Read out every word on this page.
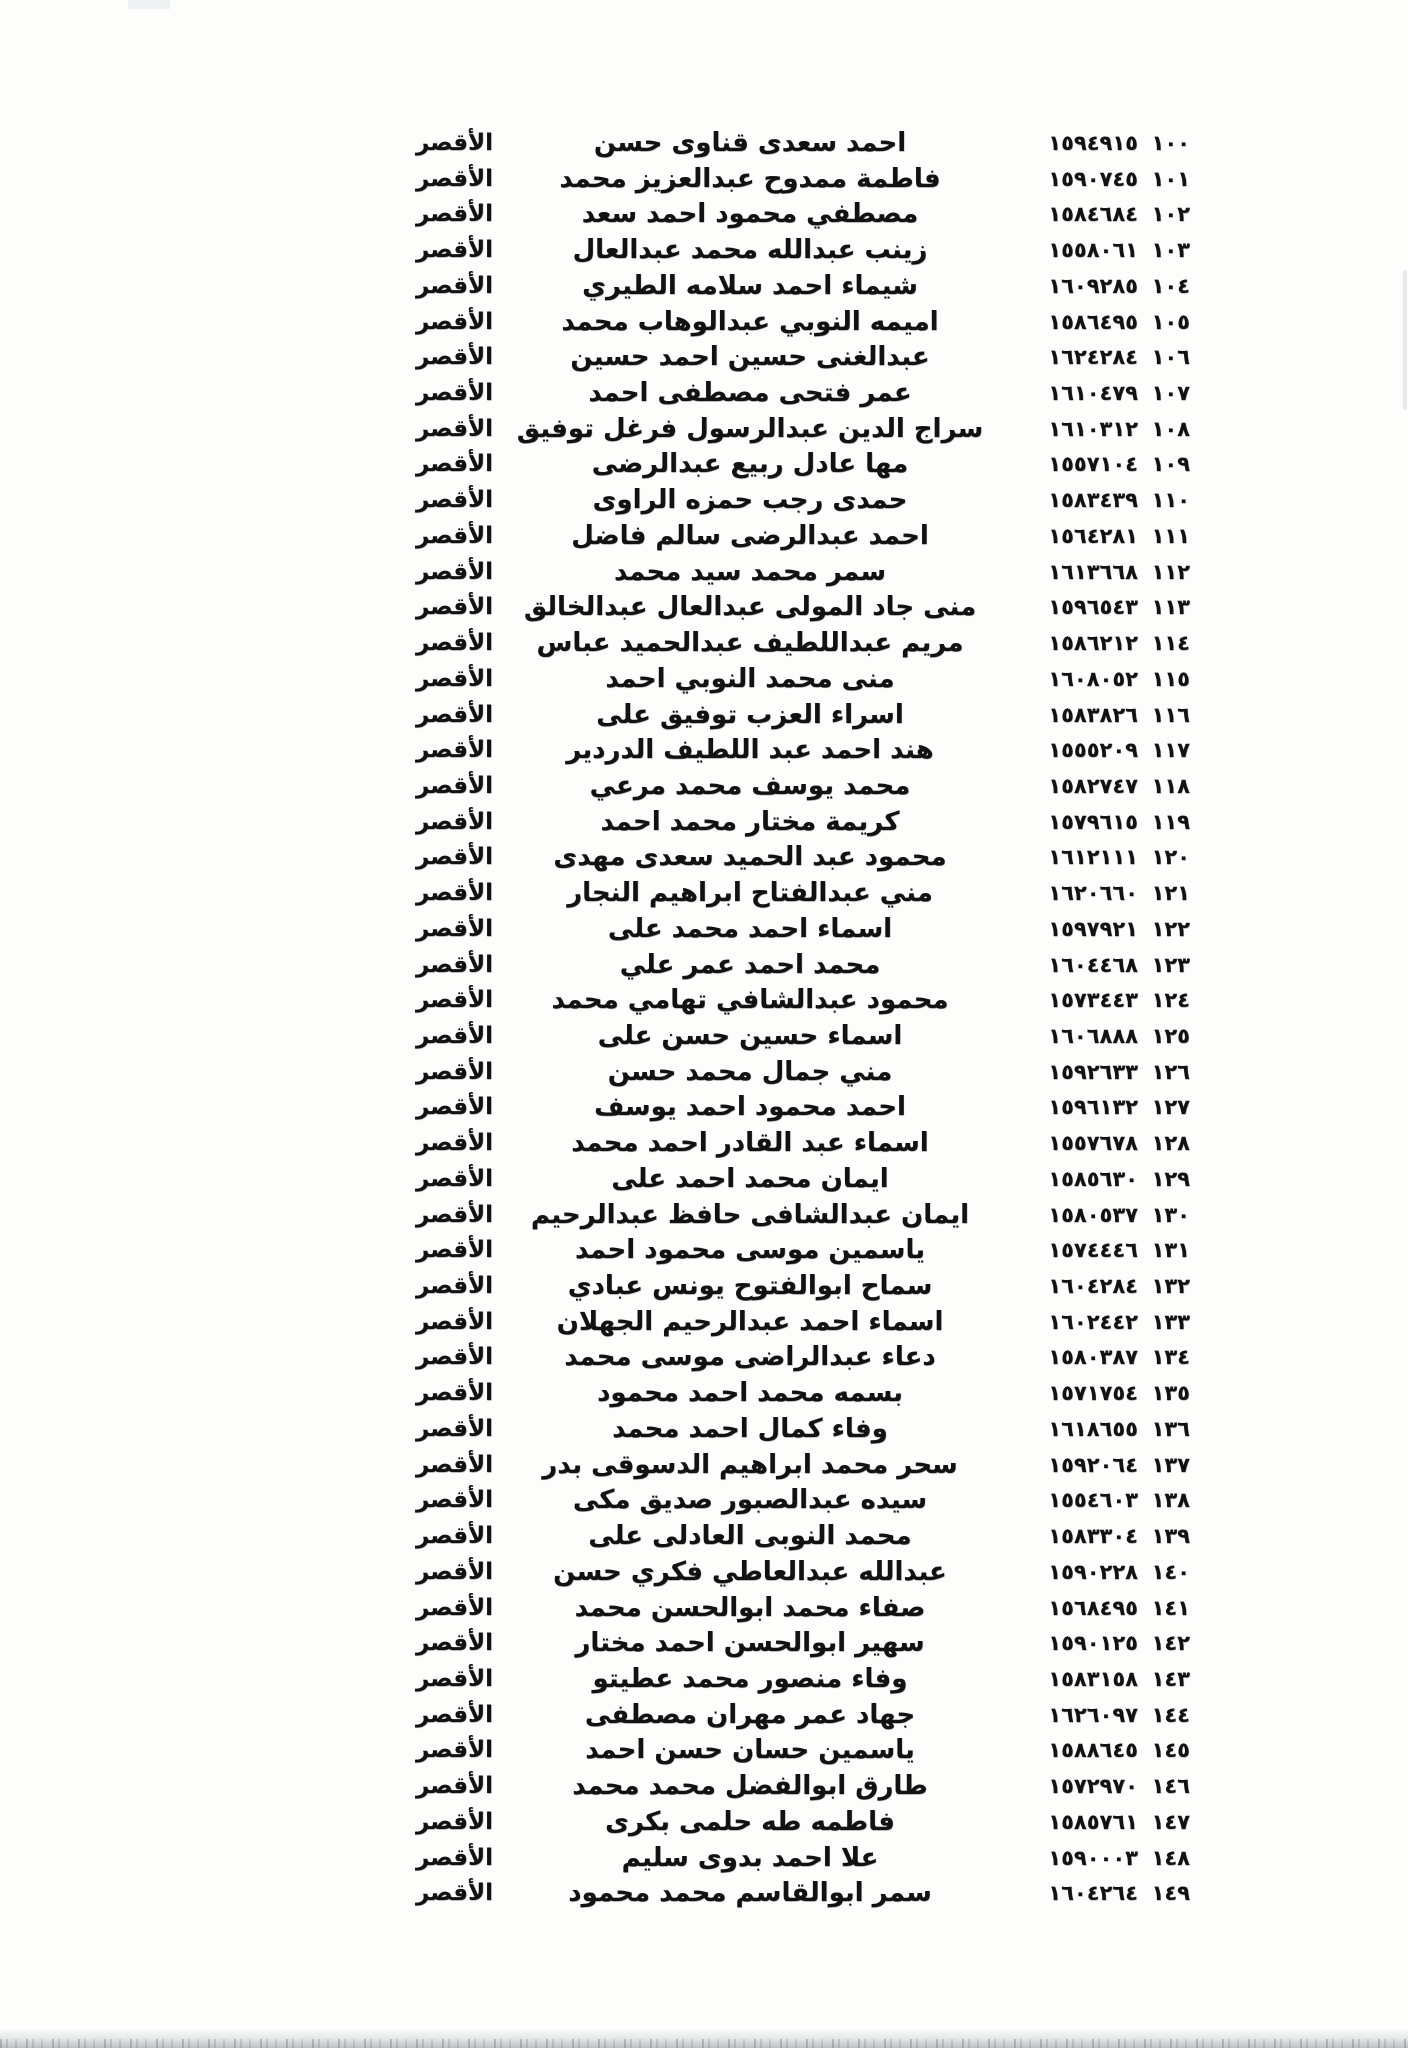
الأقصر	احمد سعدى قناوى حسن	١٥٩٤٩١٥ ١٠٠
الأقصر	فاطمة ممدوح عبدالعزيز محمد	١٥٩٠٧٤٥ ١٠١
الأقصر	مصطفي محمود احمد سعد	١٥٨٤٦٨٤ ١٠٢
الأقصر	زينب عبدالله محمد عبدالعال	١٥٥٨٠٦١ ١٠٣
الأقصر	شيماء احمد سلامه الطيري	١٦٠٩٢٨٥ ١٠٤
الأقصر	اميمه النوبي عبدالوهاب محمد	١٥٨٦٤٩٥ ١٠٥
الأقصر	عبدالغنى حسين احمد حسين	١٦٢٤٢٨٤ ١٠٦
الأقصر	عمر فتحى مصطفى احمد	١٦١٠٤٧٩ ١٠٧
الأقصر سراج الدين عبدالرسول فرغل توفيق	١٦١٠٣١٢ ١٠٨
الأقصر	مها عادل ربيع عبدالرضى	١٥٥٧١٠٤ ١٠٩
الأقصر	حمدى رجب حمزه الراوى	١٥٨٣٤٣٩ ١١٠
الأقصر	احمد عبدالرضى سالم فاضل	١٥٦٤٢٨١ ١١١
الأقصر	سمر محمد سيد محمد	١٦١٣٦٦٨ ١١٢
الأقصر	منى جاد المولى عبدالعال عبدالخالق	١٥٩٦٥٤٣ ١١٣
الأقصر	مريم عبداللطيف عبدالحميد عباس	١٥٨٦٢١٢ ١١٤
الأقصر	منى محمد النوبي احمد	١٦٠٨٠٥٢ ١١٥
الأقصر	اسراء العزب توفيق على	١٥٨٣٨٢٦ ١١٦
الأقصر	هند احمد عبد اللطيف الدردير	١٥٥٥٢٠٩ ١١٧
الأقصر	محمد يوسف محمد مرعي	١٥٨٢٧٤٧ ١١٨
الأقصر	كريمة مختار محمد احمد	١٥٧٩٦١٥ ١١٩
الأقصر	محمود عبد الحميد سعدى مهدى	١٦١٢١١١ ١٢٠
الأقصر	مني عبدالفتاح ابراهيم النجار	١٦٢٠٦٦٠ ١٢١
الأقصر	اسماء احمد محمد على	١٥٩٧٩٢١ ١٢٢
الأقصر	محمد احمد عمر علي	١٦٠٤٤٦٨ ١٢٣
الأقصر	محمود عبدالشافي تهامي محمد	١٥٧٣٤٤٣ ١٢٤
الأقصر	اسماء حسين حسن على	١٦٠٦٨٨٨ ١٢٥
الأقصر	مني جمال محمد حسن	١٥٩٢٦٣٣ ١٢٦
الأقصر	احمد محمود احمد يوسف	١٥٩٦١٣٢ ١٢٧
الأقصر	اسماء عبد القادر احمد محمد	١٥٥٧٦٧٨ ١٢٨
الأقصر	ايمان محمد احمد على	١٥٨٥٦٣٠ ١٢٩
الأقصر	ايمان عبدالشافى حافظ عبدالرحيم	١٥٨٠٥٣٧ ١٣٠
الأقصر	ياسمين موسى محمود احمد	١٥٧٤٤٤٦ ١٣١
الأقصر	سماح ابوالفتوح يونس عبادي	١٦٠٤٢٨٤ ١٣٢
الأقصر	اسماء احمد عبدالرحيم الجهلان	١٦٠٢٤٤٢ ١٣٣
الأقصر	دعاء عبدالراضى موسى محمد	١٥٨٠٣٨٧ ١٣٤
الأقصر	بسمه محمد احمد محمود	١٥٧١٧٥٤ ١٣٥
الأقصر	وفاء كمال احمد محمد	١٦١٨٦٥٥ ١٣٦
الأقصر	سحر محمد ابراهيم الدسوقى بدر	١٥٩٢٠٦٤ ١٣٧
الأقصر	سيده عبدالصبور صديق مكى	١٥٥٤٦٠٣ ١٣٨
الأقصر	محمد النوبى العادلى على	١٥٨٣٣٠٤ ١٣٩
الأقصر	عبدالله عبدالعاطي فكري حسن	١٥٩٠٢٢٨ ١٤٠
الأقصر	صفاء محمد ابوالحسن محمد	١٥٦٨٤٩٥ ١٤١
الأقصر	سهير ابوالحسن احمد مختار	١٥٩٠١٢٥ ١٤٢
الأقصر	وفاء منصور محمد عطيتو	١٥٨٣١٥٨ ١٤٣
الأقصر	جهاد عمر مهران مصطفى	١٦٢٦٠٩٧ ١٤٤
الأقصر	ياسمين حسان حسن احمد	١٥٨٨٦٤٥ ١٤٥
الأقصر	طارق ابوالفضل محمد محمد	١٥٧٢٩٧٠ ١٤٦
الأقصر	فاطمه طه حلمى بكرى	١٥٨٥٧٦١ ١٤٧
الأقصر	علا احمد بدوى سليم	١٥٩٠٠٠٣ ١٤٨
الأقصر	سمر ابوالقاسم محمد محمود	١٦٠٤٢٦٤ ١٤٩
